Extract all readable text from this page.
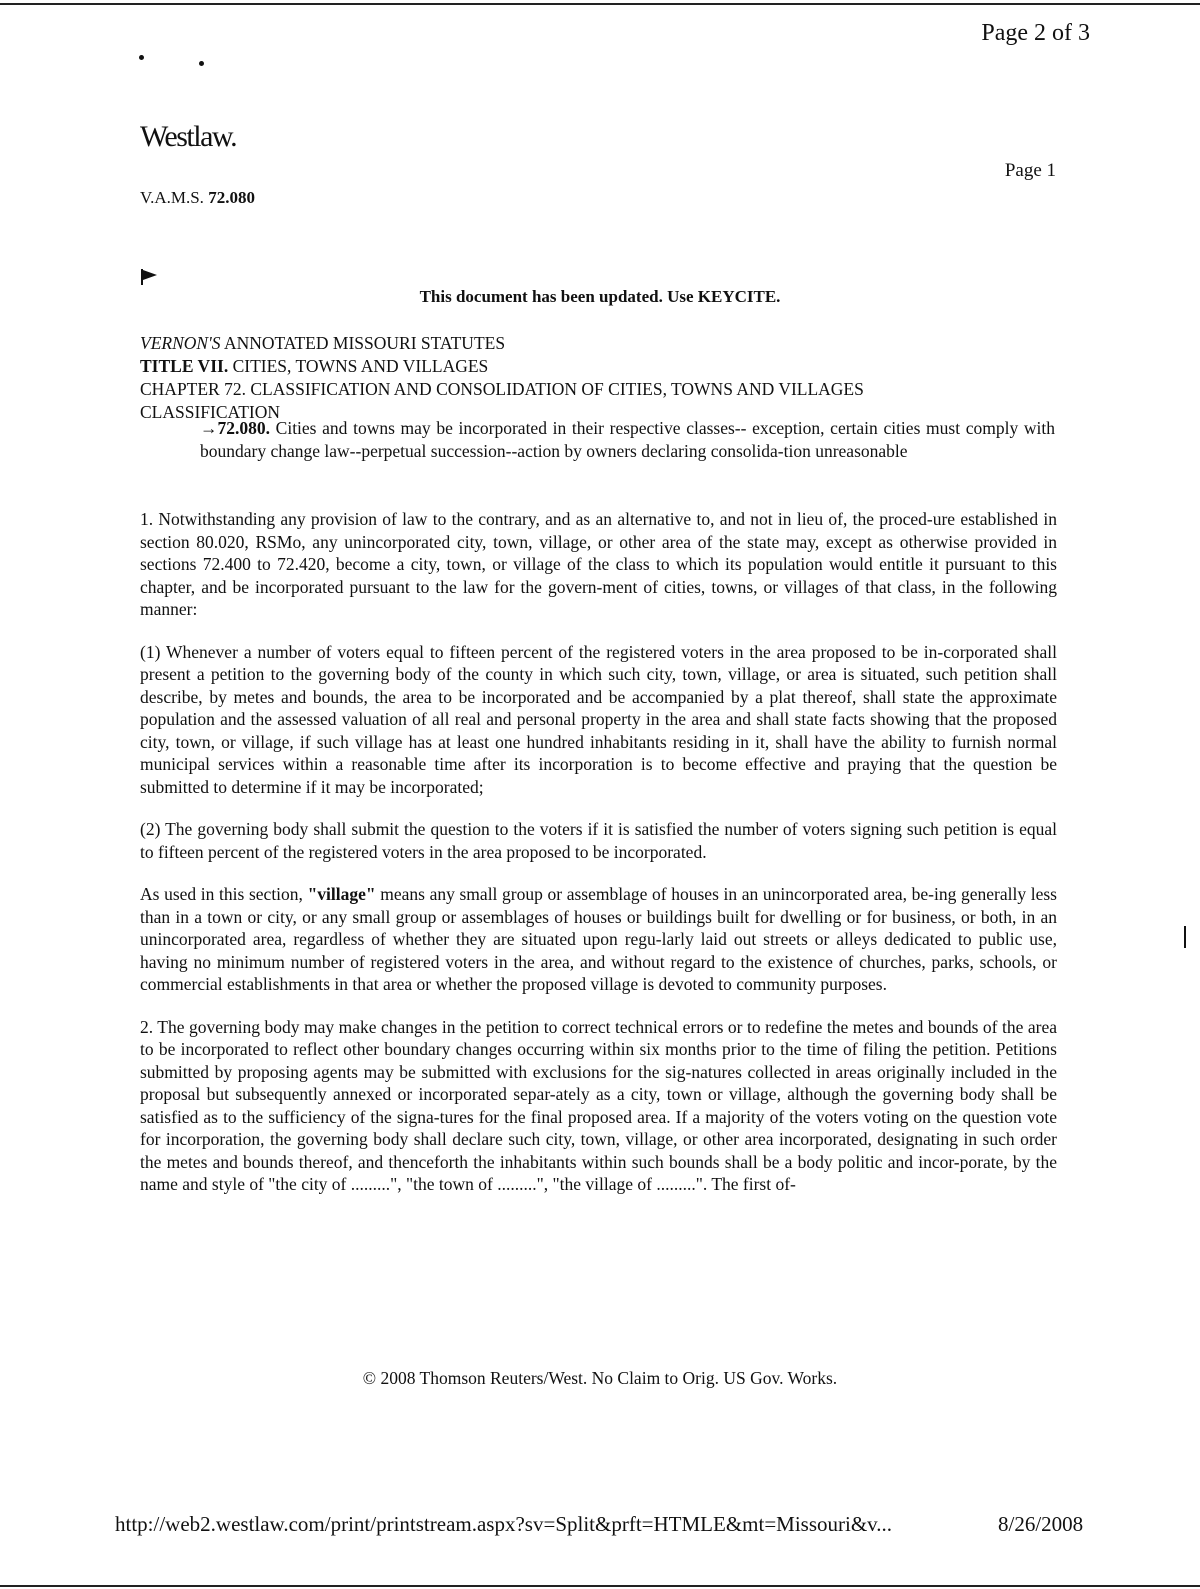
Page 2 of 3
Westlaw.
Page 1
V.A.M.S. 72.080
This document has been updated. Use KEYCITE.
VERNON'S ANNOTATED MISSOURI STATUTES
TITLE VII. CITIES, TOWNS AND VILLAGES
CHAPTER 72. CLASSIFICATION AND CONSOLIDATION OF CITIES, TOWNS AND VILLAGES
CLASSIFICATION
→72.080. Cities and towns may be incorporated in their respective classes-- exception, certain cities must comply with boundary change law--perpetual succession--action by owners declaring consolida-tion unreasonable

1. Notwithstanding any provision of law to the contrary, and as an alternative to, and not in lieu of, the proced-ure established in section 80.020, RSMo, any unincorporated city, town, village, or other area of the state may, except as otherwise provided in sections 72.400 to 72.420, become a city, town, or village of the class to which its population would entitle it pursuant to this chapter, and be incorporated pursuant to the law for the govern-ment of cities, towns, or villages of that class, in the following manner:

(1) Whenever a number of voters equal to fifteen percent of the registered voters in the area proposed to be in-corporated shall present a petition to the governing body of the county in which such city, town, village, or area is situated, such petition shall describe, by metes and bounds, the area to be incorporated and be accompanied by a plat thereof, shall state the approximate population and the assessed valuation of all real and personal property in the area and shall state facts showing that the proposed city, town, or village, if such village has at least one hundred inhabitants residing in it, shall have the ability to furnish normal municipal services within a reasonable time after its incorporation is to become effective and praying that the question be submitted to determine if it may be incorporated;

(2) The governing body shall submit the question to the voters if it is satisfied the number of voters signing such petition is equal to fifteen percent of the registered voters in the area proposed to be incorporated.

As used in this section, "village" means any small group or assemblage of houses in an unincorporated area, be-ing generally less than in a town or city, or any small group or assemblages of houses or buildings built for dwelling or for business, or both, in an unincorporated area, regardless of whether they are situated upon regu-larly laid out streets or alleys dedicated to public use, having no minimum number of registered voters in the area, and without regard to the existence of churches, parks, schools, or commercial establishments in that area or whether the proposed village is devoted to community purposes.

2. The governing body may make changes in the petition to correct technical errors or to redefine the metes and bounds of the area to be incorporated to reflect other boundary changes occurring within six months prior to the time of filing the petition. Petitions submitted by proposing agents may be submitted with exclusions for the sig-natures collected in areas originally included in the proposal but subsequently annexed or incorporated separ-ately as a city, town or village, although the governing body shall be satisfied as to the sufficiency of the signa-tures for the final proposed area. If a majority of the voters voting on the question vote for incorporation, the governing body shall declare such city, town, village, or other area incorporated, designating in such order the metes and bounds thereof, and thenceforth the inhabitants within such bounds shall be a body politic and incor-porate, by the name and style of "the city of .........", "the town of .........", "the village of .........". The first of-

© 2008 Thomson Reuters/West. No Claim to Orig. US Gov. Works.
http://web2.westlaw.com/print/printstream.aspx?sv=Split&prft=HTMLE&mt=Missouri&v...	8/26/2008
